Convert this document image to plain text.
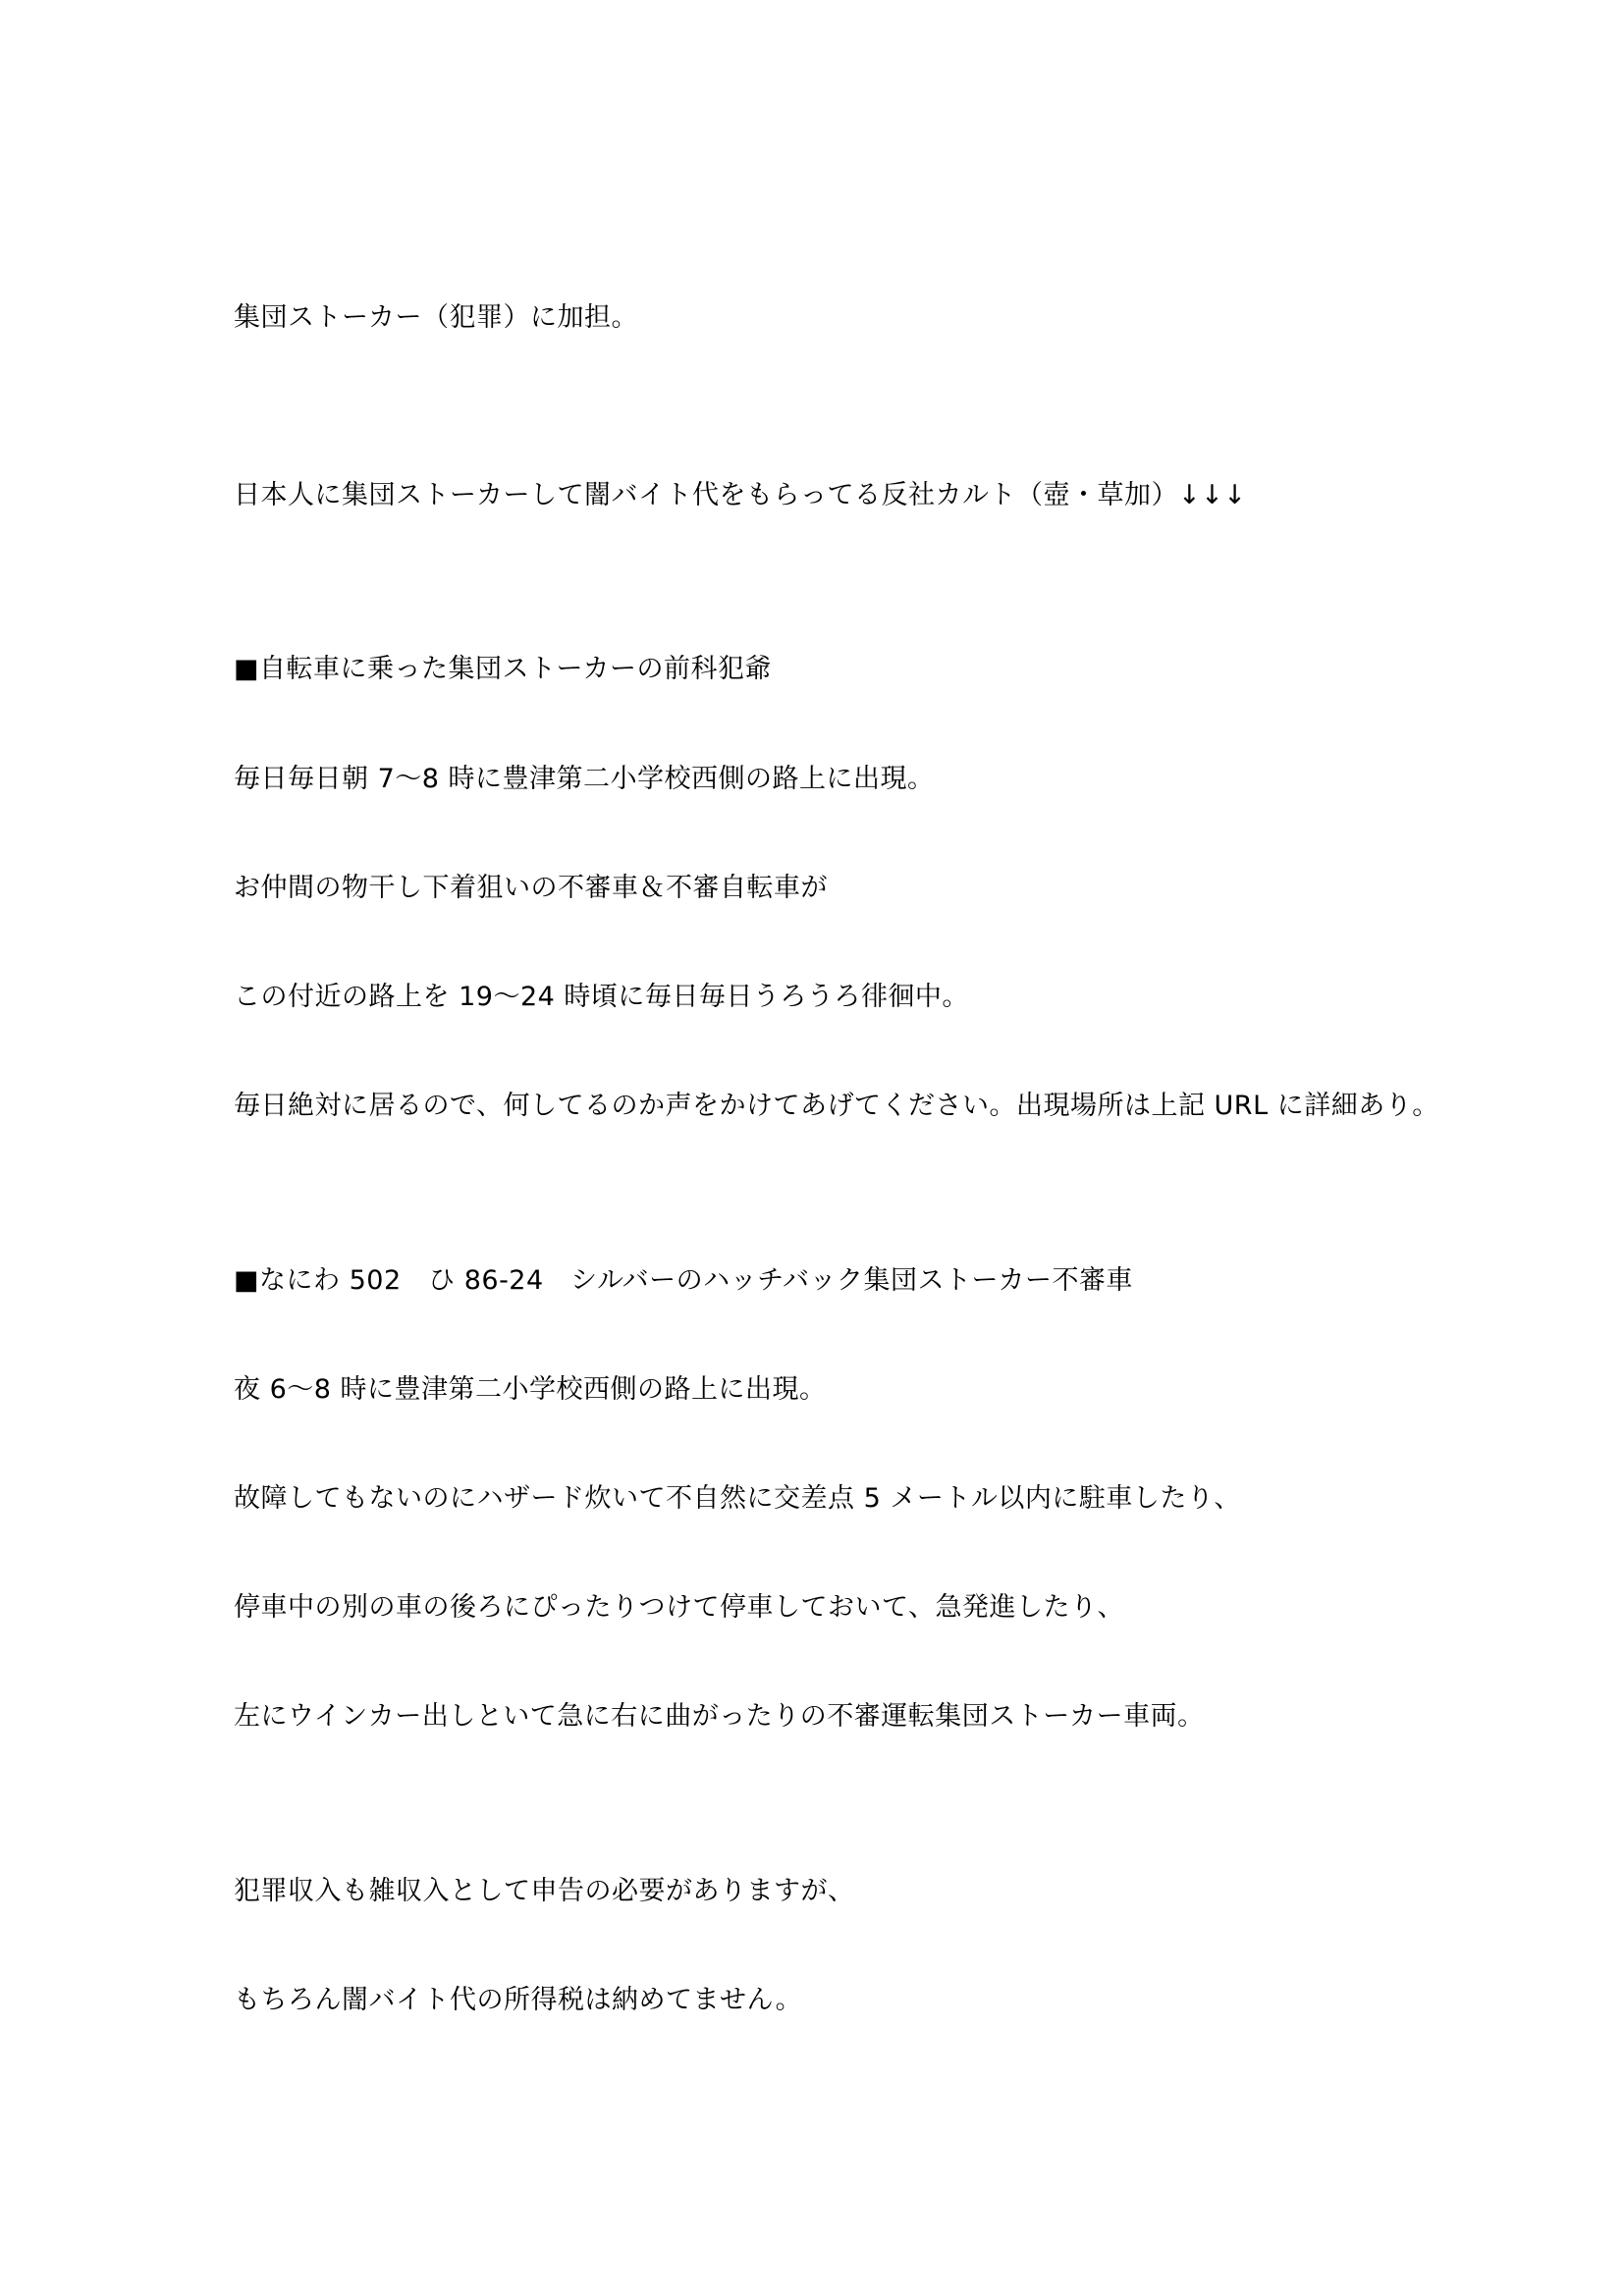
集団ストーカー（犯罪）に加担。
日本人に集団ストーカーして闇バイト代をもらってる反社カルト（壺・草加）↓↓↓
■自転車に乗った集団ストーカーの前科犯爺
毎日毎日朝 7～8 時に豊津第二小学校西側の路上に出現。
お仲間の物干し下着狙いの不審車＆不審自転車が
この付近の路上を 19～24 時頃に毎日毎日うろうろ徘徊中。
毎日絶対に居るので、何してるのか声をかけてあげてください。出現場所は上記 URL に詳細あり。
■なにわ 502　ひ 86-24　シルバーのハッチバック集団ストーカー不審車
夜 6～8 時に豊津第二小学校西側の路上に出現。
故障してもないのにハザード炊いて不自然に交差点 5 メートル以内に駐車したり、
停車中の別の車の後ろにぴったりつけて停車しておいて、急発進したり、
左にウインカー出しといて急に右に曲がったりの不審運転集団ストーカー車両。
犯罪収入も雑収入として申告の必要がありますが、
もちろん闇バイト代の所得税は納めてません。
